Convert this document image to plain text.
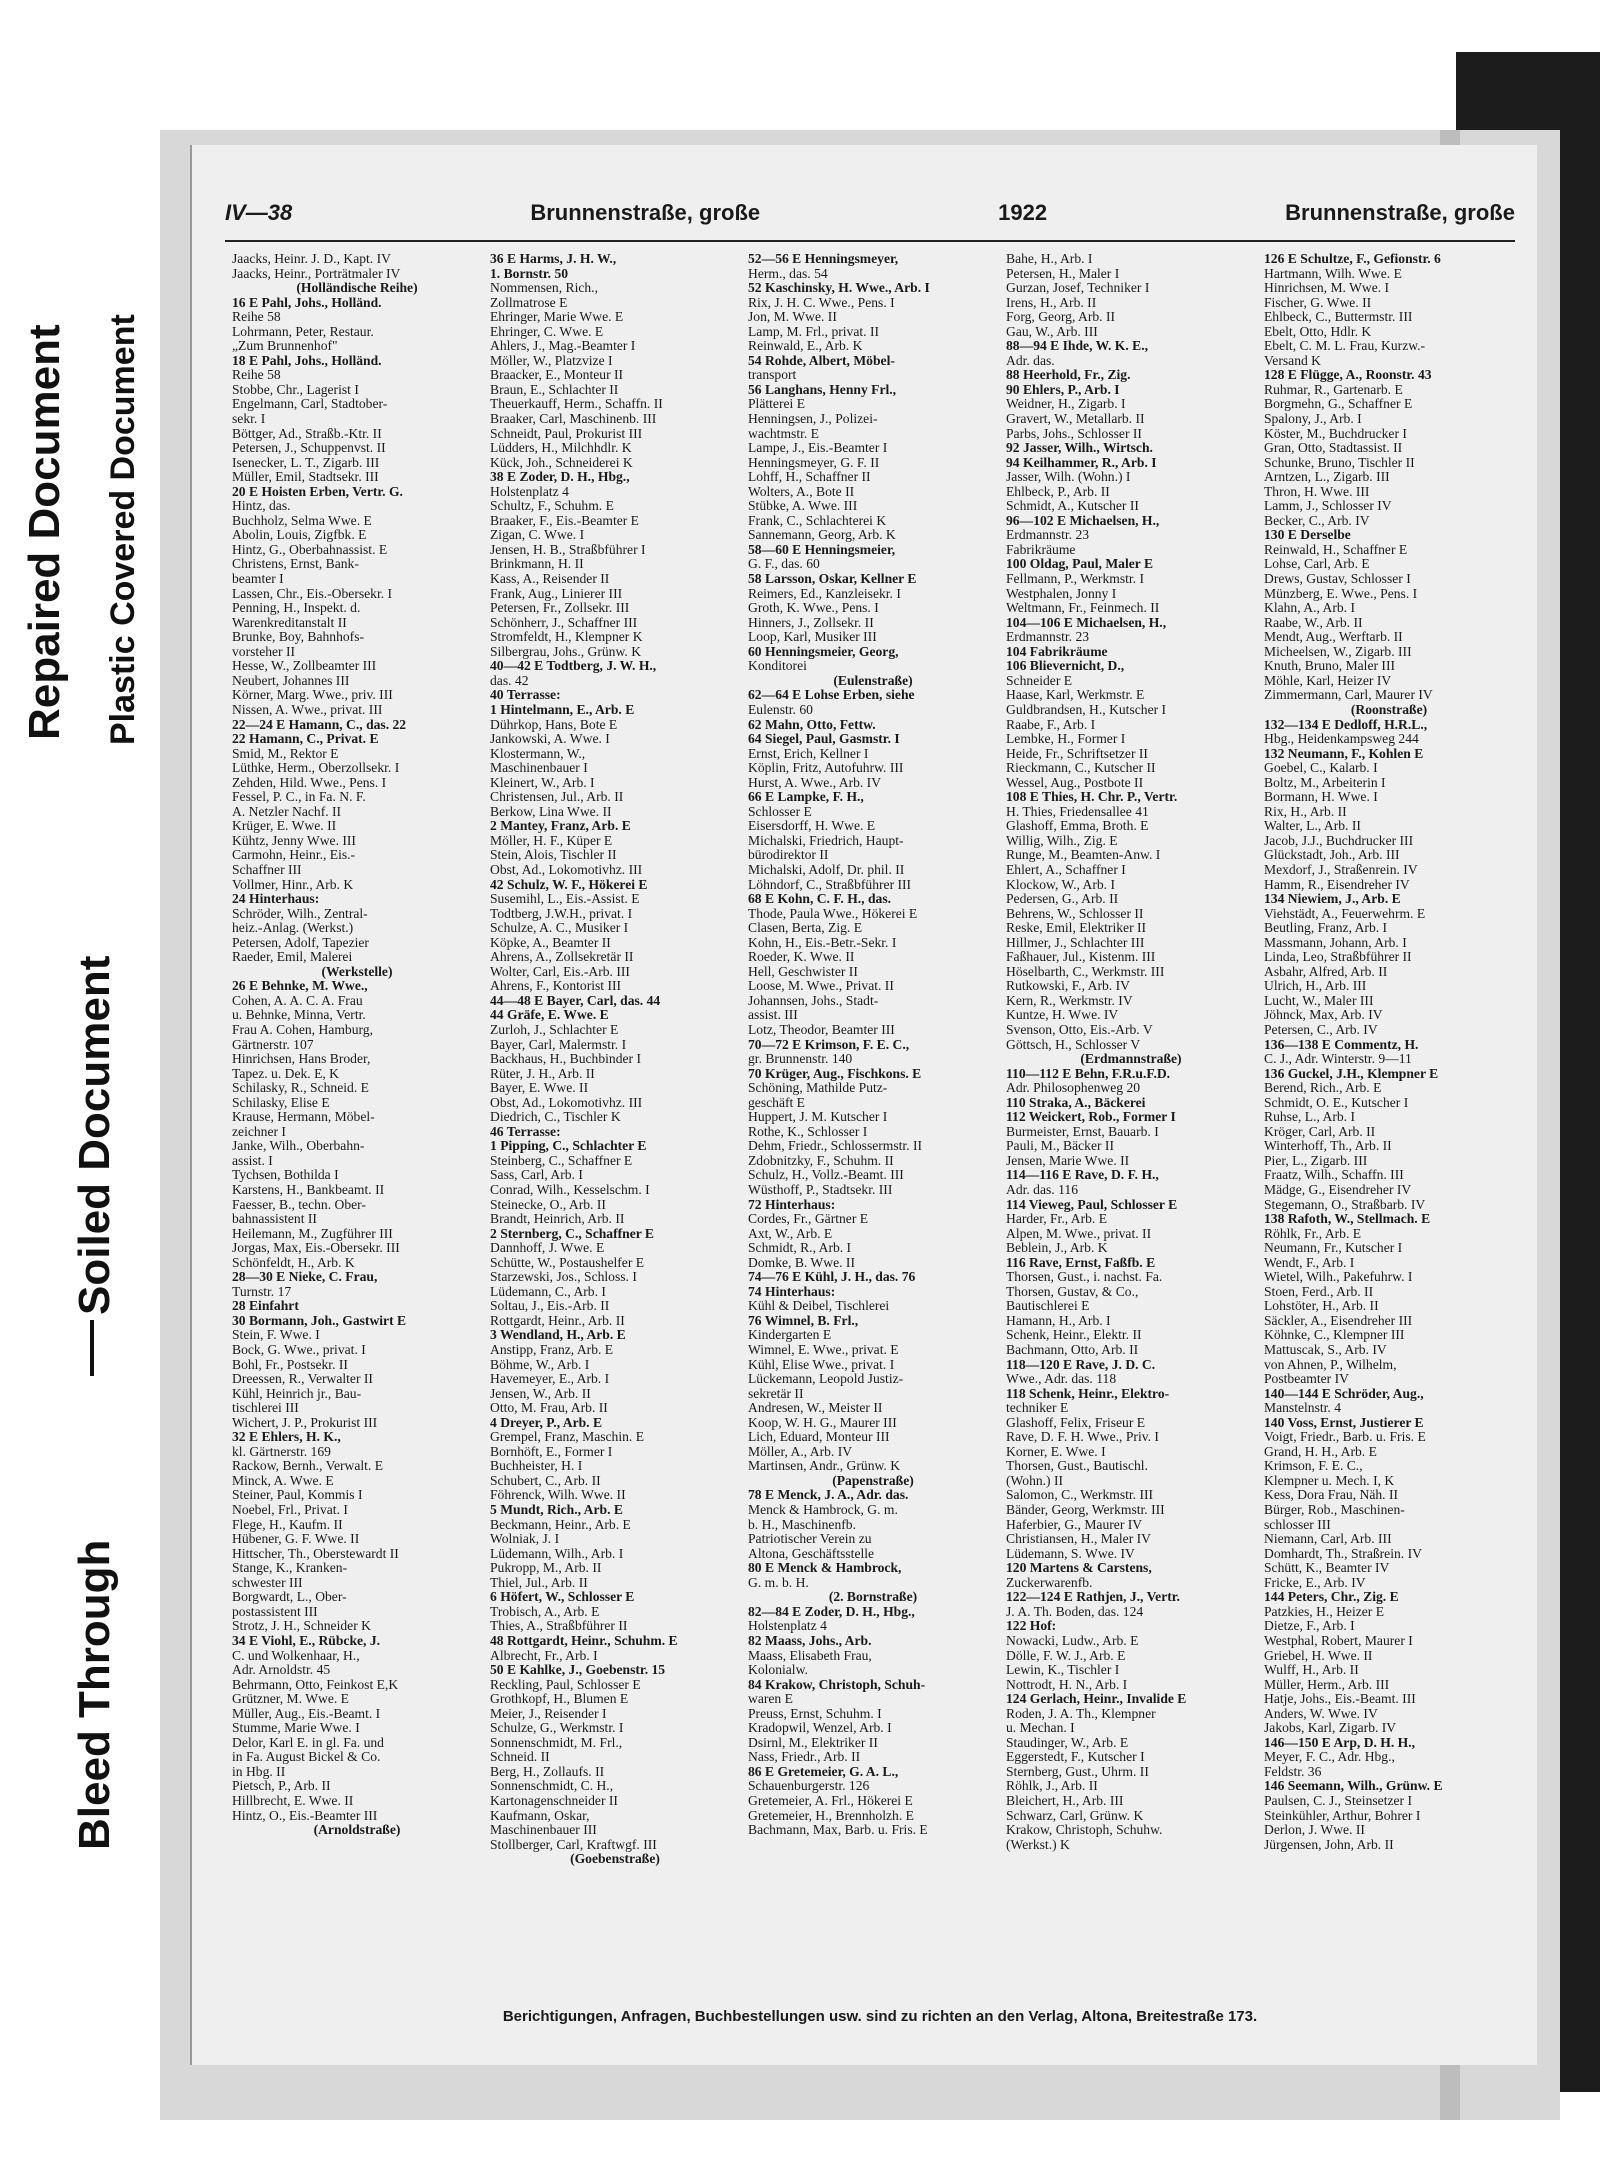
Repaired Document Plastic Covered Document
Bleed Through
Soiled Document
IV—38	Brunnenstraße, große	1922	Brunnenstraße, große
Jaacks, Heinr. J. D., Kapt. IV
Jaacks, Heinr., Porträtmaler IV
(Holländische Reihe)
16 E Pahl, Johs., Holländ.
Reihe 58
Lohrmann, Peter, Restaur.
„Zum Brunnenhof"
18 E Pahl, Johs., Holländ.
Reihe 58
Stobbe, Chr., Lagerist I
Engelmann, Carl, Stadtober-
sekr. I
Böttger, Ad., Straßb.-Ktr. II
Petersen, J., Schuppenvst. II
Isenecker, L. T., Zigarb. III
Müller, Emil, Stadtsekr. III
20 E Hoisten Erben, Vertr. G.
Hintz, das.
Buchholz, Selma Wwe. E
Abolin, Louis, Zigfbk. E
Hintz, G., Oberbahnassist. E
Christens, Ernst, Bank-
beamter I
Lassen, Chr., Eis.-Obersekr. I
Penning, H., Inspekt. d.
Warenkreditanstalt II
Brunke, Boy, Bahnhofs-
vorsteher II
Hesse, W., Zollbeamter III
Neubert, Johannes III
Körner, Marg. Wwe., priv. III
Nissen, A. Wwe., privat. III
22—24 E Hamann, C., das. 22
22 Hamann, C., Privat. E
Smid, M., Rektor E
Lüthke, Herm., Oberzollsekr. I
Zehden, Hild. Wwe., Pens. I
Fessel, P. C., in Fa. N. F.
A. Netzler Nachf. II
Krüger, E. Wwe. II
Kühtz, Jenny Wwe. III
Carmohn, Heinr., Eis.-
Schaffner III
Vollmer, Hinr., Arb. K
24 Hinterhaus:
Schröder, Wilh., Zentral-
heiz.-Anlag. (Werkst.)
Petersen, Adolf, Tapezier
Raeder, Emil, Malerei
(Werkstelle)
26 E Behnke, M. Wwe.,
Cohen, A. A. C. A. Frau
u. Behnke, Minna, Vertr.
Frau A. Cohen, Hamburg,
Gärtnerstr. 107
Hinrichsen, Hans Broder,
Tapez. u. Dek. E, K
Schilasky, R., Schneid. E
Schilasky, Elise E
Krause, Hermann, Möbel-
zeichner I
Janke, Wilh., Oberbahn-
assist. I
Tychsen, Bothilda I
Karstens, H., Bankbeamt. II
Faesser, B., techn. Ober-
bahnassistent II
Heilemann, M., Zugführer III
Jorgas, Max, Eis.-Obersekr. III
Schönfeldt, H., Arb. K
28—30 E Nieke, C. Frau,
Turnstr. 17
28 Einfahrt
30 Bormann, Joh., Gastwirt E
Stein, F. Wwe. I
Bock, G. Wwe., privat. I
Bohl, Fr., Postsekr. II
Dreessen, R., Verwalter II
Kühl, Heinrich jr., Bau-
tischlerei III
Wichert, J. P., Prokurist III
32 E Ehlers, H. K.,
kl. Gärtnerstr. 169
Rackow, Bernh., Verwalt. E
Minck, A. Wwe. E
Steiner, Paul, Kommis I
Noebel, Frl., Privat. I
Flege, H., Kaufm. II
Hübener, G. F. Wwe. II
Hittscher, Th., Oberstewardt II
Stange, K., Kranken-
schwester III
Borgwardt, L., Ober-
postassistent III
Strotz, J. H., Schneider K
34 E Viohl, E., Rübcke, J.
C. und Wolkenhaar, H.,
Adr. Arnoldstr. 45
Behrmann, Otto, Feinkost E,K
Grützner, M. Wwe. E
Müller, Aug., Eis.-Beamt. I
Stumme, Marie Wwe. I
Delor, Karl E. in gl. Fa. und
in Fa. August Bickel & Co.
in Hbg. II
Pietsch, P., Arb. II
Hillbrecht, E. Wwe. II
Hintz, O., Eis.-Beamter III
(Arnoldstraße)
36 E Harms, J. H. W.,
1. Bornstr. 50
Nommensen, Rich.,
Zollmatrose E
Ehringer, Marie Wwe. E
Ehringer, C. Wwe. E
Ahlers, J., Mag.-Beamter I
Möller, W., Platzvize I
Braacker, E., Monteur II
Braun, E., Schlachter II
Theuerkauff, Herm., Schaffn. II
Braaker, Carl, Maschinenb. III
Schneidt, Paul, Prokurist III
Lüdders, H., Milchhdlr. K
Kück, Joh., Schneiderei K
38 E Zoder, D. H., Hbg.,
Holstenplatz 4
Schultz, F., Schuhm. E
Braaker, F., Eis.-Beamter E
Zigan, C. Wwe. I
Jensen, H. B., Straßbführer I
Brinkmann, H. II
Kass, A., Reisender II
Frank, Aug., Linierer III
Petersen, Fr., Zollsekr. III
Schönherr, J., Schaffner III
Stromfeldt, H., Klempner K
Silbergrau, Johs., Grünw. K
40—42 E Todtberg, J. W. H.,
das. 42
40 Terrasse:
1 Hintelmann, E., Arb. E
Dührkop, Hans, Bote E
Jankowski, A. Wwe. I
Klostermann, W.,
Maschinenbauer I
Kleinert, W., Arb. I
Christensen, Jul., Arb. II
Berkow, Lina Wwe. II
2 Mantey, Franz, Arb. E
Möller, H. F., Küper E
Stein, Alois, Tischler II
Obst, Ad., Lokomotivhz. III
42 Schulz, W. F., Hökerei E
Susemihl, L., Eis.-Assist. E
Todtberg, J.W.H., privat. I
Schulze, A. C., Musiker I
Köpke, A., Beamter II
Ahrens, A., Zollsekretär II
Wolter, Carl, Eis.-Arb. III
Ahrens, F., Kontorist III
44—48 E Bayer, Carl, das. 44
44 Gräfe, E. Wwe. E
Zurloh, J., Schlachter E
Bayer, Carl, Malermstr. I
Backhaus, H., Buchbinder I
Rüter, J. H., Arb. II
Bayer, E. Wwe. II
Obst, Ad., Lokomotivhz. III
Diedrich, C., Tischler K
46 Terrasse:
1 Pipping, C., Schlachter E
Steinberg, C., Schaffner E
Sass, Carl, Arb. I
Conrad, Wilh., Kesselschm. I
Steinecke, O., Arb. II
Brandt, Heinrich, Arb. II
2 Sternberg, C., Schaffner E
Dannhoff, J. Wwe. E
Schütte, W., Postaushelfer E
Starzewski, Jos., Schloss. I
Lüdemann, C., Arb. I
Soltau, J., Eis.-Arb. II
Rottgardt, Heinr., Arb. II
3 Wendland, H., Arb. E
Anstipp, Franz, Arb. E
Böhme, W., Arb. I
Havemeyer, E., Arb. I
Jensen, W., Arb. II
Otto, M. Frau, Arb. II
4 Dreyer, P., Arb. E
Grempel, Franz, Maschin. E
Bornhöft, E., Former I
Buchheister, H. I
Schubert, C., Arb. II
Föhrenck, Wilh. Wwe. II
5 Mundt, Rich., Arb. E
Beckmann, Heinr., Arb. E
Wolniak, J. I
Lüdemann, Wilh., Arb. I
Pukropp, M., Arb. II
Thiel, Jul., Arb. II
6 Höfert, W., Schlosser E
Trobisch, A., Arb. E
Thies, A., Straßbführer II
48 Rottgardt, Heinr., Schuhm. E
Albrecht, Fr., Arb. I
50 E Kahlke, J., Goebenstr. 15
Reckling, Paul, Schlosser E
Grothkopf, H., Blumen E
Meier, J., Reisender I
Schulze, G., Werkmstr. I
Sonnenschmidt, M. Frl.,
Schneid. II
Berg, H., Zollaufs. II
Sonnenschmidt, C. H.,
Kartonagenschneider II
Kaufmann, Oskar,
Maschinenbauer III
Stollberger, Carl, Kraftwgf. III
(Goebenstraße)
52—56 E Henningsmeyer,
Herm., das. 54
52 Kaschinsky, H. Wwe., Arb. I
Rix, J. H. C. Wwe., Pens. I
Jon, M. Wwe. II
Lamp, M. Frl., privat. II
Reinwald, E., Arb. K
54 Rohde, Albert, Möbel-
transport
56 Langhans, Henny Frl.,
Plätterei E
Henningsen, J., Polizei-
wachtmstr. E
Lampe, J., Eis.-Beamter I
Henningsmeyer, G. F. II
Lohff, H., Schaffner II
Wolters, A., Bote II
Stübke, A. Wwe. III
Frank, C., Schlachterei K
Sannemann, Georg, Arb. K
58—60 E Henningsmeier,
G. F., das. 60
58 Larsson, Oskar, Kellner E
Reimers, Ed., Kanzleisekr. I
Groth, K. Wwe., Pens. I
Hinners, J., Zollsekr. II
Loop, Karl, Musiker III
60 Henningsmeier, Georg,
Konditorei
(Eulenstraße)
62—64 E Lohse Erben, siehe
Eulenstr. 60
62 Mahn, Otto, Fettw.
64 Siegel, Paul, Gasmstr. I
Ernst, Erich, Kellner I
Köplin, Fritz, Autofuhrw. III
Hurst, A. Wwe., Arb. IV
66 E Lampke, F. H.,
Schlosser E
Eisersdorff, H. Wwe. E
Michalski, Friedrich, Haupt-
bürodirektor II
Michalski, Adolf, Dr. phil. II
Löhndorf, C., Straßbführer III
68 E Kohn, C. F. H., das.
Thode, Paula Wwe., Hökerei E
Clasen, Berta, Zig. E
Kohn, H., Eis.-Betr.-Sekr. I
Roeder, K. Wwe. II
Hell, Geschwister II
Loose, M. Wwe., Privat. II
Johannsen, Johs., Stadt-
assist. III
Lotz, Theodor, Beamter III
70—72 E Krimson, F. E. C.,
gr. Brunnenstr. 140
70 Krüger, Aug., Fischkons. E
Schöning, Mathilde Putz-
geschäft E
Huppert, J. M. Kutscher I
Rothe, K., Schlosser I
Dehm, Friedr., Schlossermstr. II
Zdobnitzky, F., Schuhm. II
Schulz, H., Vollz.-Beamt. III
Wüsthoff, P., Stadtsekr. III
72 Hinterhaus:
Cordes, Fr., Gärtner E
Axt, W., Arb. E
Schmidt, R., Arb. I
Domke, B. Wwe. II
74—76 E Kühl, J. H., das. 76
74 Hinterhaus:
Kühl & Deibel, Tischlerei
76 Wimnel, B. Frl.,
Kindergarten E
Wimnel, E. Wwe., privat. E
Kühl, Elise Wwe., privat. I
Lückemann, Leopold Justiz-
sekretär II
Andresen, W., Meister II
Koop, W. H. G., Maurer III
Lich, Eduard, Monteur III
Möller, A., Arb. IV
Martinsen, Andr., Grünw. K
(Papenstraße)
78 E Menck, J. A., Adr. das.
Menck & Hambrock, G. m.
b. H., Maschinenfb.
Patriotischer Verein zu
Altona, Geschäftsstelle
80 E Menck & Hambrock,
G. m. b. H.
(2. Bornstraße)
82—84 E Zoder, D. H., Hbg.,
Holstenplatz 4
82 Maass, Johs., Arb.
Maass, Elisabeth Frau,
Kolonialw.
84 Krakow, Christoph, Schuh-
waren E
Preuss, Ernst, Schuhm. I
Kradopwil, Wenzel, Arb. I
Dsirnl, M., Elektriker II
Nass, Friedr., Arb. II
86 E Gretemeier, G. A. L.,
Schauenburgerstr. 126
Gretemeier, A. Frl., Hökerei E
Gretemeier, H., Brennholzh. E
Bachmann, Max, Barb. u. Fris. E
Bahe, H., Arb. I
Petersen, H., Maler I
Gurzan, Josef, Techniker I
Irens, H., Arb. II
Forg, Georg, Arb. II
Gau, W., Arb. III
88—94 E Ihde, W. K. E.,
Adr. das.
88 Heerhold, Fr., Zig.
90 Ehlers, P., Arb. I
Weidner, H., Zigarb. I
Gravert, W., Metallarb. II
Parbs, Johs., Schlosser II
92 Jasser, Wilh., Wirtsch.
94 Keilhammer, R., Arb. I
Jasser, Wilh. (Wohn.) I
Ehlbeck, P., Arb. II
Schmidt, A., Kutscher II
96—102 E Michaelsen, H.,
Erdmannstr. 23
Fabrikräume
100 Oldag, Paul, Maler E
Fellmann, P., Werkmstr. I
Westphalen, Jonny I
Weltmann, Fr., Feinmech. II
104—106 E Michaelsen, H.,
Erdmannstr. 23
104 Fabrikräume
106 Blievernicht, D.,
Schneider E
Haase, Karl, Werkmstr. E
Guldbrandsen, H., Kutscher I
Raabe, F., Arb. I
Lembke, H., Former I
Heide, Fr., Schriftsetzer II
Rieckmann, C., Kutscher II
Wessel, Aug., Postbote II
108 E Thies, H. Chr. P., Vertr.
H. Thies, Friedensallee 41
Glashoff, Emma, Broth. E
Willig, Wilh., Zig. E
Runge, M., Beamten-Anw. I
Ehlert, A., Schaffner I
Klockow, W., Arb. I
Pedersen, G., Arb. II
Behrens, W., Schlosser II
Reske, Emil, Elektriker II
Hillmer, J., Schlachter III
Faßhauer, Jul., Kistenm. III
Höselbarth, C., Werkmstr. III
Rutkowski, F., Arb. IV
Kern, R., Werkmstr. IV
Kuntze, H. Wwe. IV
Svenson, Otto, Eis.-Arb. V
Göttsch, H., Schlosser V
(Erdmannstraße)
110—112 E Behn, F.R.u.F.D.
Adr. Philosophenweg 20
110 Straka, A., Bäckerei
112 Weickert, Rob., Former I
Burmeister, Ernst, Bauarb. I
Pauli, M., Bäcker II
Jensen, Marie Wwe. II
114—116 E Rave, D. F. H.,
Adr. das. 116
114 Vieweg, Paul, Schlosser E
Harder, Fr., Arb. E
Alpen, M. Wwe., privat. II
Beblein, J., Arb. K
116 Rave, Ernst, Faßfb. E
Thorsen, Gust., i. nachst. Fa.
Thorsen, Gustav, & Co.,
Bautischlerei E
Hamann, H., Arb. I
Schenk, Heinr., Elektr. II
Bachmann, Otto, Arb. II
118—120 E Rave, J. D. C.
Wwe., Adr. das. 118
118 Schenk, Heinr., Elektro-
techniker E
Glashoff, Felix, Friseur E
Rave, D. F. H. Wwe., Priv. I
Korner, E. Wwe. I
Thorsen, Gust., Bautischl.
(Wohn.) II
Salomon, C., Werkmstr. III
Bänder, Georg, Werkmstr. III
Haferbier, G., Maurer IV
Christiansen, H., Maler IV
Lüdemann, S. Wwe. IV
120 Martens & Carstens,
Zuckerwarenfb.
122—124 E Rathjen, J., Vertr.
J. A. Th. Boden, das. 124
122 Hof:
Nowacki, Ludw., Arb. E
Dölle, F. W. J., Arb. E
Lewin, K., Tischler I
Nottrodt, H. N., Arb. I
124 Gerlach, Heinr., Invalide E
Roden, J. A. Th., Klempner
u. Mechan. I
Staudinger, W., Arb. E
Eggerstedt, F., Kutscher I
Sternberg, Gust., Uhrm. II
Röhlk, J., Arb. II
Bleichert, H., Arb. III
Schwarz, Carl, Grünw. K
Krakow, Christoph, Schuhw.
(Werkst.) K
126 E Schultze, F., Gefionstr. 6
Hartmann, Wilh. Wwe. E
Hinrichsen, M. Wwe. I
Fischer, G. Wwe. II
Ehlbeck, C., Buttermstr. III
Ebelt, Otto, Hdlr. K
Ebelt, C. M. L. Frau, Kurzw.-
Versand K
128 E Flügge, A., Roonstr. 43
Ruhmar, R., Gartenarb. E
Borgmehn, G., Schaffner E
Spalony, J., Arb. I
Köster, M., Buchdrucker I
Gran, Otto, Stadtassist. II
Schunke, Bruno, Tischler II
Arntzen, L., Zigarb. III
Thron, H. Wwe. III
Lamm, J., Schlosser IV
Becker, C., Arb. IV
130 E Derselbe
Reinwald, H., Schaffner E
Lohse, Carl, Arb. E
Drews, Gustav, Schlosser I
Münzberg, E. Wwe., Pens. I
Klahn, A., Arb. I
Raabe, W., Arb. II
Mendt, Aug., Werftarb. II
Micheelsen, W., Zigarb. III
Knuth, Bruno, Maler III
Möhle, Karl, Heizer IV
Zimmermann, Carl, Maurer IV
(Roonstraße)
132—134 E Dedloff, H.R.L.,
Hbg., Heidenkampsweg 244
132 Neumann, F., Kohlen E
Goebel, C., Kalarb. I
Boltz, M., Arbeiterin I
Bormann, H. Wwe. I
Rix, H., Arb. II
Walter, L., Arb. II
Jacob, J.J., Buchdrucker III
Glückstadt, Joh., Arb. III
Mexdorf, J., Straßenrein. IV
Hamm, R., Eisendreher IV
134 Niewiem, J., Arb. E
Viehstädt, A., Feuerwehrm. E
Beutling, Franz, Arb. I
Massmann, Johann, Arb. I
Linda, Leo, Straßbführer II
Asbahr, Alfred, Arb. II
Ulrich, H., Arb. III
Lucht, W., Maler III
Jöhnck, Max, Arb. IV
Petersen, C., Arb. IV
136—138 E Commentz, H.
C. J., Adr. Winterstr. 9—11
136 Guckel, J.H., Klempner E
Berend, Rich., Arb. E
Schmidt, O. E., Kutscher I
Ruhse, L., Arb. I
Kröger, Carl, Arb. II
Winterhoff, Th., Arb. II
Pier, L., Zigarb. III
Fraatz, Wilh., Schaffn. III
Mädge, G., Eisendreher IV
Stegemann, O., Straßbarb. IV
138 Rafoth, W., Stellmach. E
Röhlk, Fr., Arb. E
Neumann, Fr., Kutscher I
Wendt, F., Arb. I
Wietel, Wilh., Pakefuhrw. I
Stoen, Ferd., Arb. II
Lohstöter, H., Arb. II
Säckler, A., Eisendreher III
Köhnke, C., Klempner III
Mattuscak, S., Arb. IV
von Ahnen, P., Wilhelm,
Postbeamter IV
140—144 E Schröder, Aug.,
Manstelnstr. 4
140 Voss, Ernst, Justierer E
Voigt, Friedr., Barb. u. Fris. E
Grand, H. H., Arb. E
Krimson, F. E. C.,
Klempner u. Mech. I, K
Kess, Dora Frau, Näh. II
Bürger, Rob., Maschinen-
schlosser III
Niemann, Carl, Arb. III
Domhardt, Th., Straßrein. IV
Schütt, K., Beamter IV
Fricke, E., Arb. IV
144 Peters, Chr., Zig. E
Patzkies, H., Heizer E
Dietze, F., Arb. I
Westphal, Robert, Maurer I
Griebel, H. Wwe. II
Wulff, H., Arb. II
Müller, Herm., Arb. III
Hatje, Johs., Eis.-Beamt. III
Anders, W. Wwe. IV
Jakobs, Karl, Zigarb. IV
146—150 E Arp, D. H. H.,
Meyer, F. C., Adr. Hbg.,
Feldstr. 36
146 Seemann, Wilh., Grünw. E
Paulsen, C. J., Steinsetzer I
Steinkühler, Arthur, Bohrer I
Derlon, J. Wwe. II
Jürgensen, John, Arb. II
Berichtigungen, Anfragen, Buchbestellungen usw. sind zu richten an den Verlag, Altona, Breitestraße 173.
